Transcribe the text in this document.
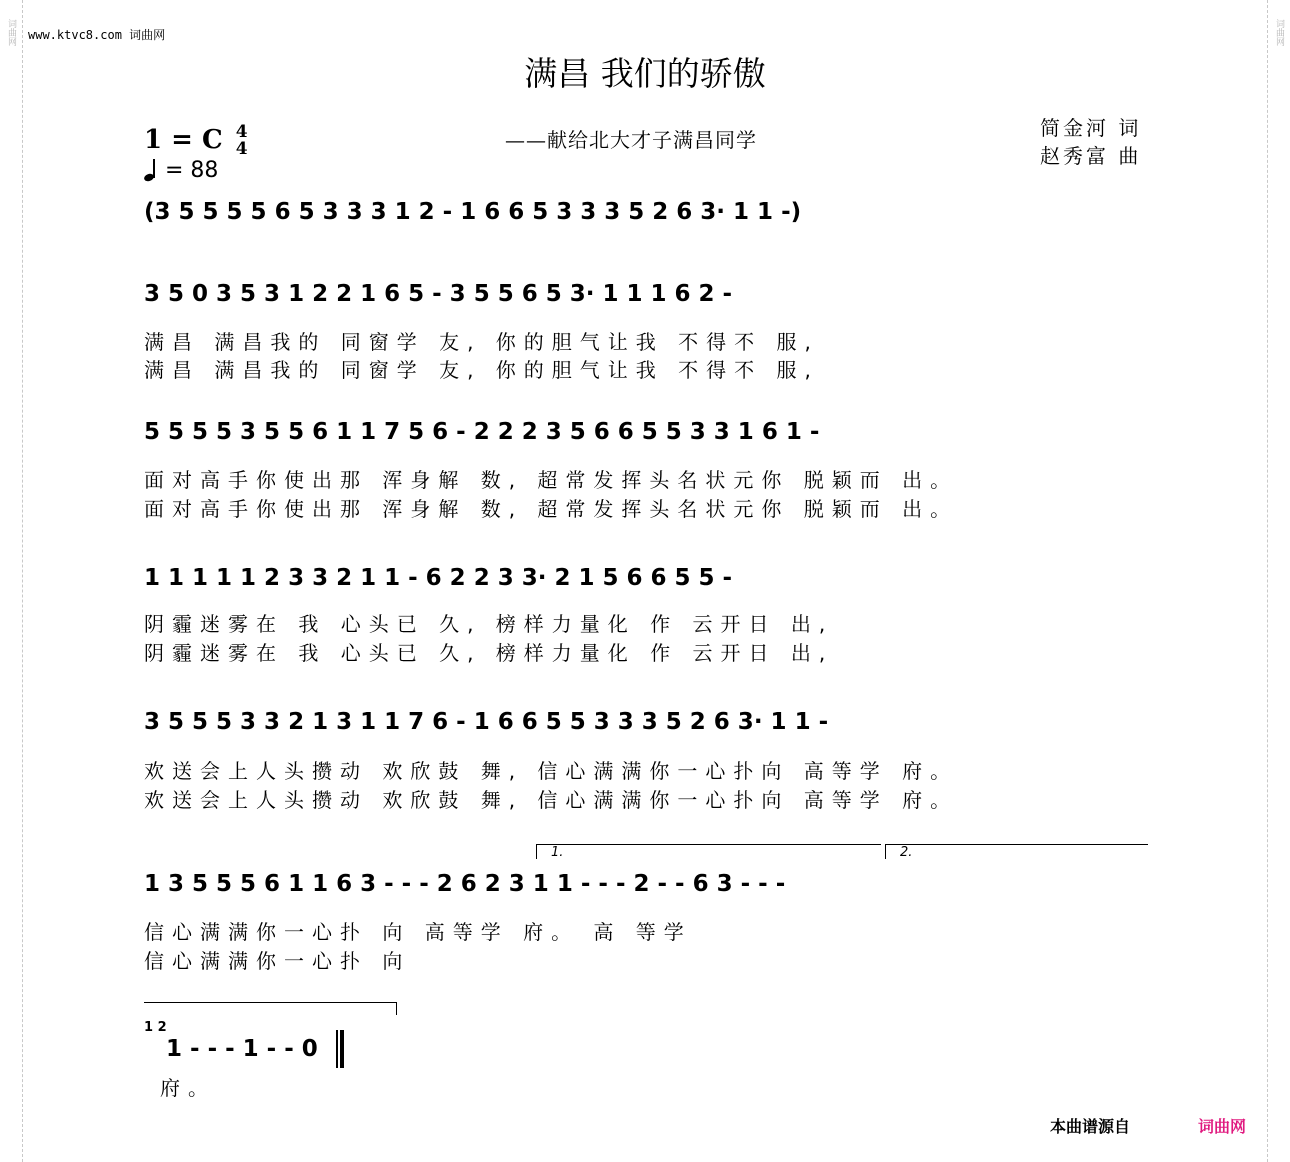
词曲网	词曲网
www.ktvc8.com 词曲网
满昌 我们的骄傲
——献给北大才子满昌同学	简金河 词
赵秀富 曲
1 = C 4
4
= 88
(3 5 5 5 5 6 5 3 3 3 1 2 - 1 6 6 5 3 3 3 5 2 6 3· 1 1 -)
3 5 0 3 5 3 1 2 2 1 6 5 - 3 5 5 6 5 3· 1 1 1 6 2 -
满昌 满昌我的 同窗学 友, 你的胆气让我 不得不 服,
满昌 满昌我的 同窗学 友, 你的胆气让我 不得不 服,
5 5 5 5 3 5 5 6 1 1 7 5 6 - 2 2 2 3 5 6 6 5 5 3 3 1 6 1 -
面对高手你使出那 浑身解 数, 超常发挥头名状元你 脱颖而 出。
面对高手你使出那 浑身解 数, 超常发挥头名状元你 脱颖而 出。
1 1 1 1 1 2 3 3 2 1 1 - 6 2 2 3 3· 2 1 5 6 6 5 5 -
阴霾迷雾在 我 心头已 久, 榜样力量化 作 云开日 出,
阴霾迷雾在 我 心头已 久, 榜样力量化 作 云开日 出,
3 5 5 5 3 3 2 1 3 1 1 7 6 - 1 6 6 5 5 3 3 3 5 2 6 3· 1 1 -
欢送会上人头攒动 欢欣鼓 舞, 信心满满你一心扑向 高等学 府。
欢送会上人头攒动 欢欣鼓 舞, 信心满满你一心扑向 高等学 府。
1.	2.
1 3 5 5 5 6 1 1 6 3 - - - 2 6 2 3 1 1 - - - 2 - - 6 3 - - -
信心满满你一心扑 向 高等学 府。 高 等学
信心满满你一心扑 向
1 2
1 - - - 1 - - 0
府。
本曲谱源自	词曲网
